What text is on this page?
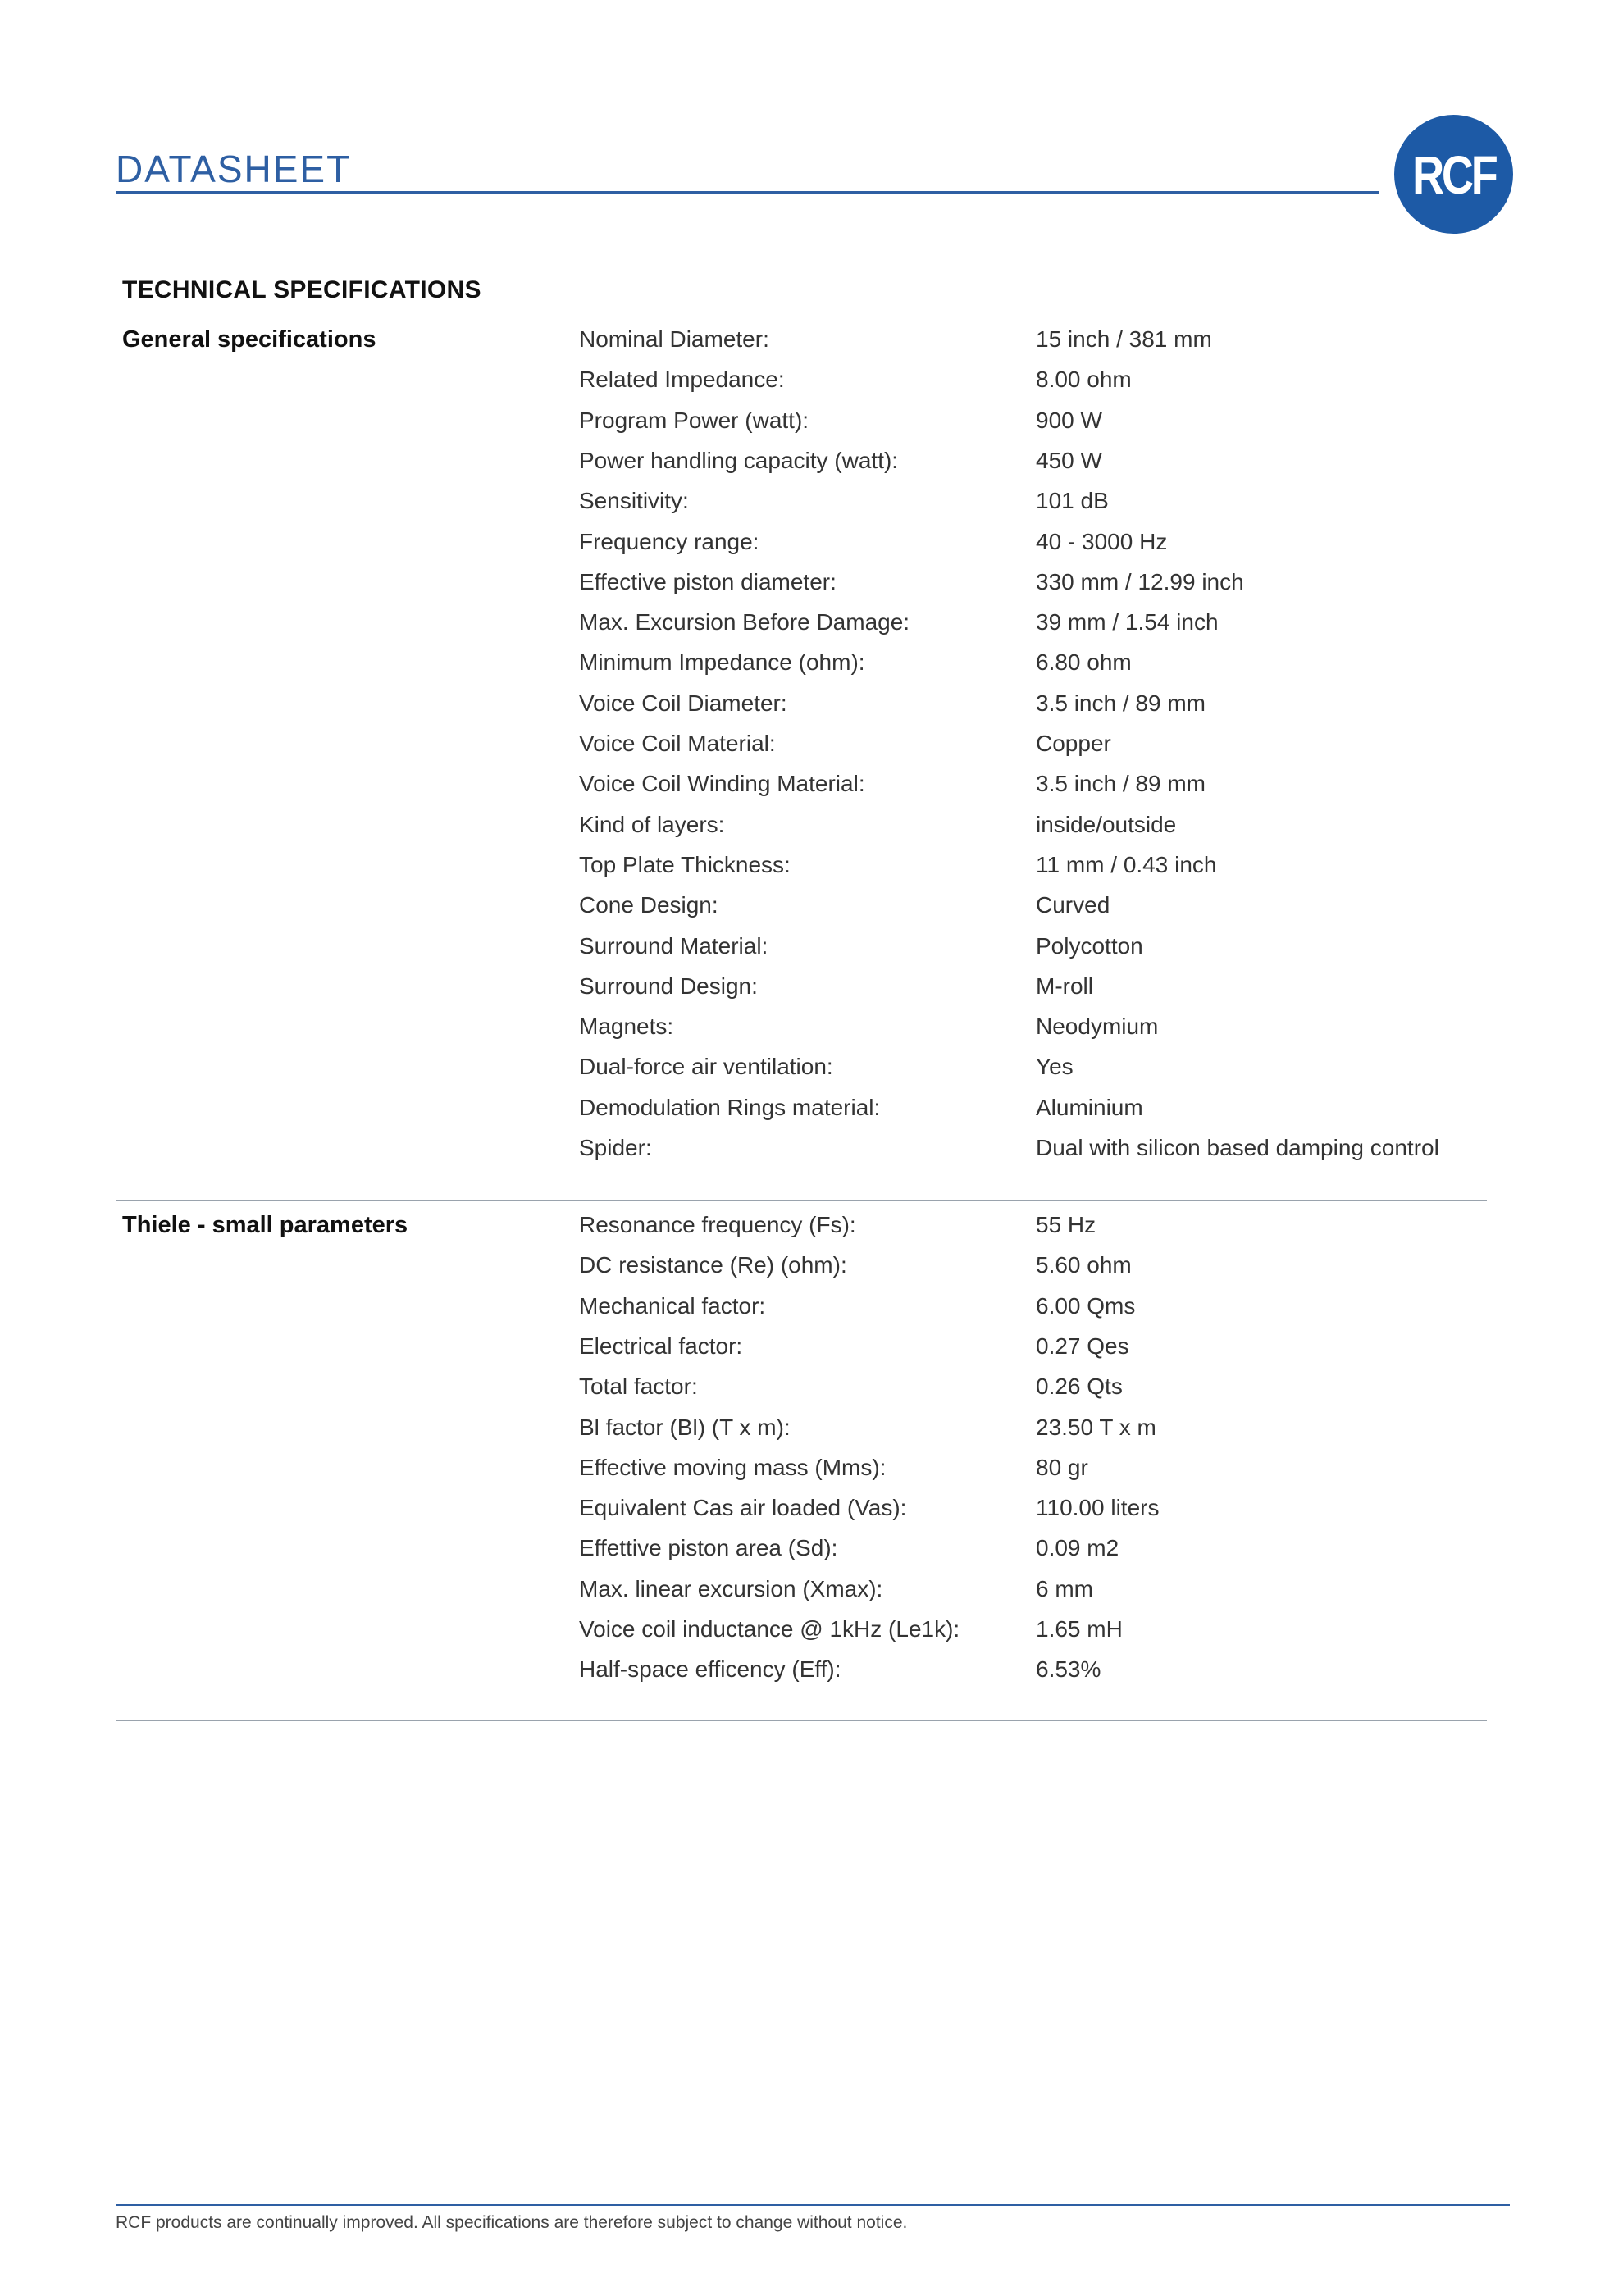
DATASHEET	RCF
TECHNICAL SPECIFICATIONS
General specifications	Nominal Diameter:	15 inch / 381 mm
Related Impedance:	8.00 ohm
Program Power (watt):	900 W
Power handling capacity (watt):	450 W
Sensitivity:	101 dB
Frequency range:	40 - 3000 Hz
Effective piston diameter:	330 mm / 12.99 inch
Max. Excursion Before Damage:	39 mm / 1.54 inch
Minimum Impedance (ohm):	6.80 ohm
Voice Coil Diameter:	3.5 inch / 89 mm
Voice Coil Material:	Copper
Voice Coil Winding Material:	3.5 inch / 89 mm
Kind of layers:	inside/outside
Top Plate Thickness:	11 mm / 0.43 inch
Cone Design:	Curved
Surround Material:	Polycotton
Surround Design:	M-roll
Magnets:	Neodymium
Dual-force air ventilation:	Yes
Demodulation Rings material:	Aluminium
Spider:	Dual with silicon based damping control
Thiele - small parameters	Resonance frequency (Fs):	55 Hz
DC resistance (Re) (ohm):	5.60 ohm
Mechanical factor:	6.00 Qms
Electrical factor:	0.27 Qes
Total factor:	0.26 Qts
Bl factor (Bl) (T x m):	23.50 T x m
Effective moving mass (Mms):	80 gr
Equivalent Cas air loaded (Vas):	110.00 liters
Effettive piston area (Sd):	0.09 m2
Max. linear excursion (Xmax):	6 mm
Voice coil inductance @ 1kHz (Le1k):	1.65 mH
Half-space efficency (Eff):	6.53%
RCF products are continually improved. All specifications are therefore subject to change without notice.
